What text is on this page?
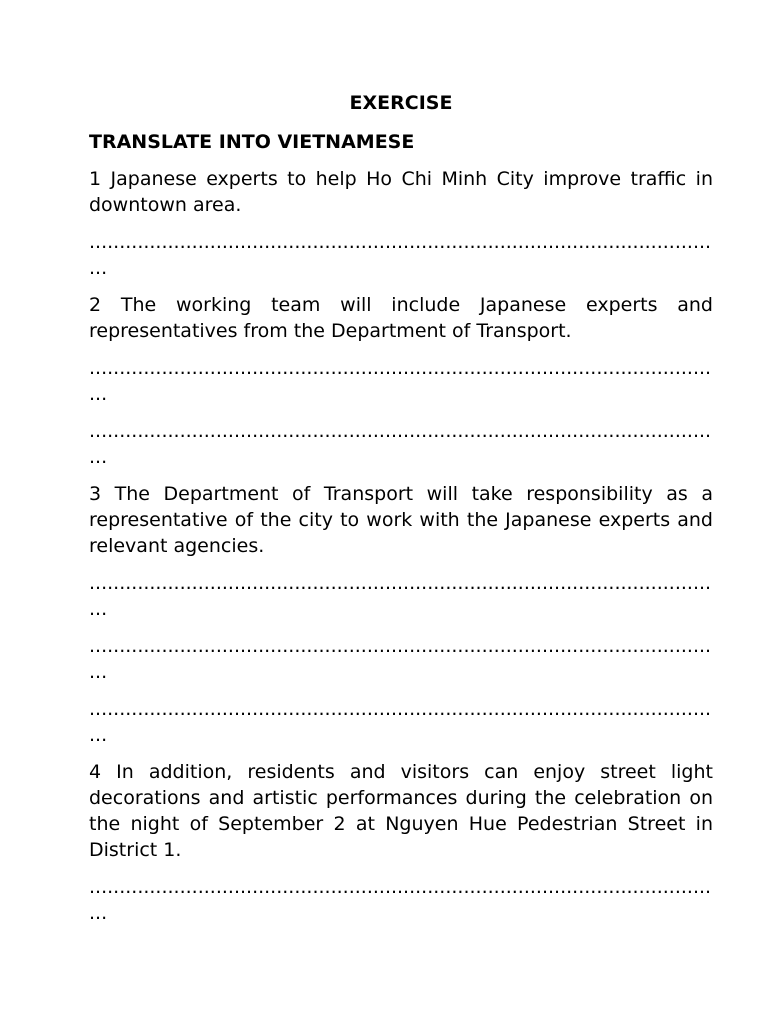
EXERCISE
TRANSLATE INTO VIETNAMESE
1 Japanese experts to help Ho Chi Minh City improve traffic in downtown area.
..........................................................................................................
2 The working team will include Japanese experts and representatives from the Department of Transport.
..........................................................................................................
..........................................................................................................
3 The Department of Transport will take responsibility as a representative of the city to work with the Japanese experts and relevant agencies.
..........................................................................................................
..........................................................................................................
..........................................................................................................
4 In addition, residents and visitors can enjoy street light decorations and artistic performances during the celebration on the night of September 2 at Nguyen Hue Pedestrian Street in District 1.
..........................................................................................................
